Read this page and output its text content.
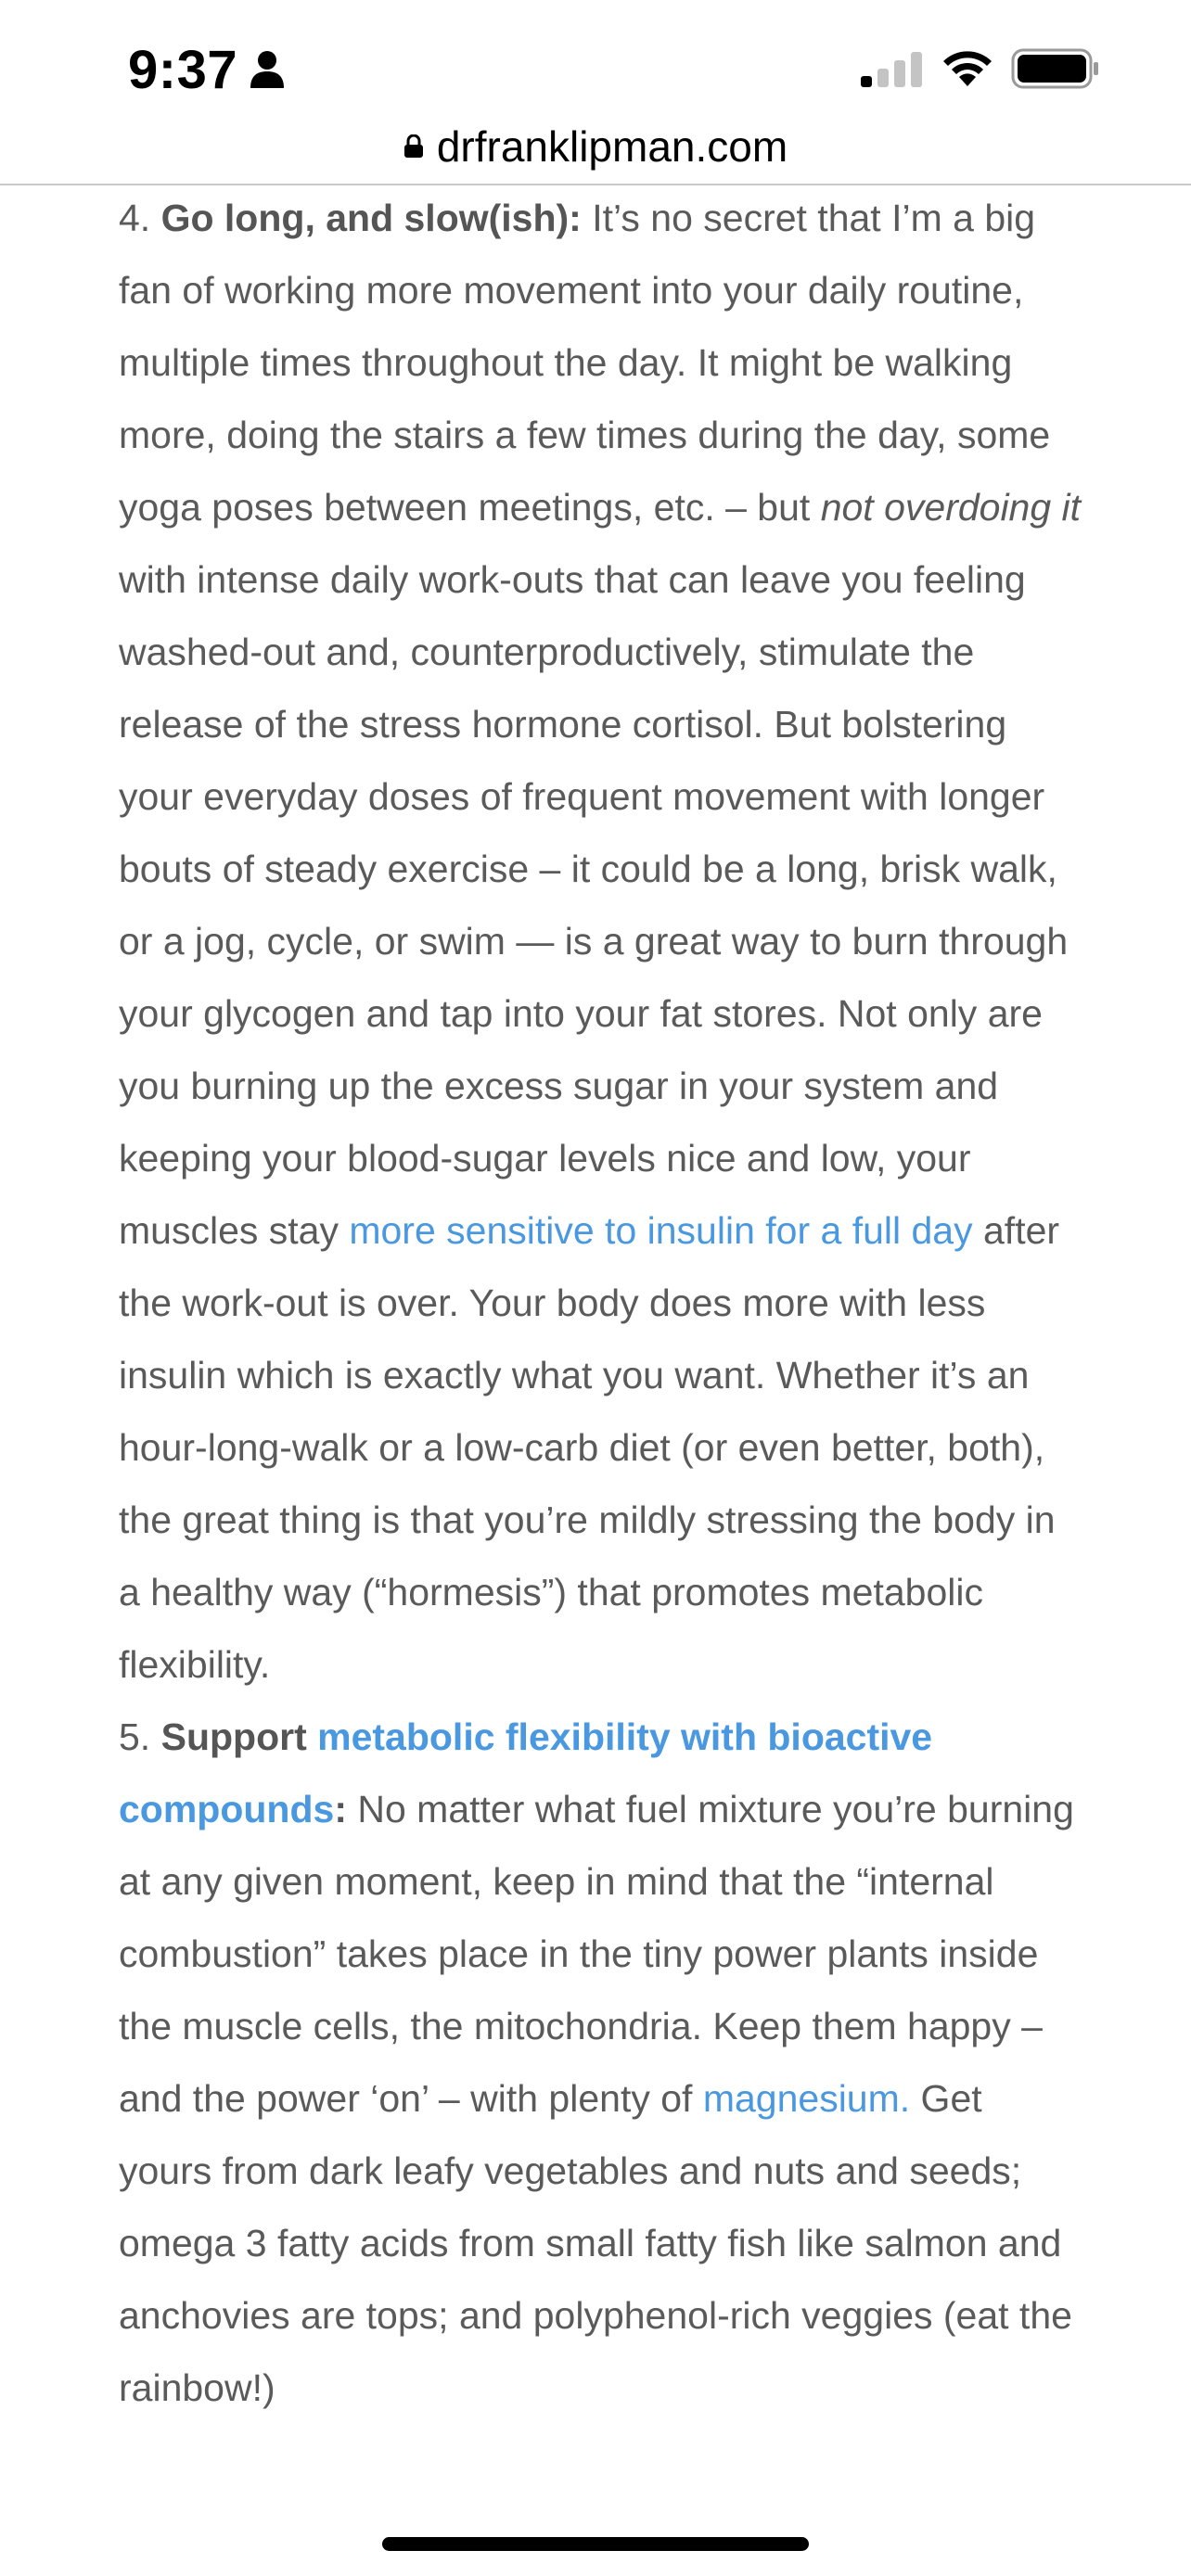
9:37
drfranklipman.com

4. Go long, and slow(ish): It’s no secret that I’m a big fan of working more movement into your daily routine, multiple times throughout the day. It might be walking more, doing the stairs a few times during the day, some yoga poses between meetings, etc. – but not overdoing it with intense daily work-outs that can leave you feeling washed-out and, counterproductively, stimulate the release of the stress hormone cortisol. But bolstering your everyday doses of frequent movement with longer bouts of steady exercise – it could be a long, brisk walk, or a jog, cycle, or swim — is a great way to burn through your glycogen and tap into your fat stores. Not only are you burning up the excess sugar in your system and keeping your blood-sugar levels nice and low, your muscles stay more sensitive to insulin for a full day after the work-out is over. Your body does more with less insulin which is exactly what you want. Whether it’s an hour-long-walk or a low-carb diet (or even better, both), the great thing is that you’re mildly stressing the body in a healthy way (“hormesis”) that promotes metabolic flexibility.

5. Support metabolic flexibility with bioactive compounds: No matter what fuel mixture you’re burning at any given moment, keep in mind that the “internal combustion” takes place in the tiny power plants inside the muscle cells, the mitochondria. Keep them happy – and the power ‘on’ – with plenty of magnesium. Get yours from dark leafy vegetables and nuts and seeds; omega 3 fatty acids from small fatty fish like salmon and anchovies are tops; and polyphenol-rich veggies (eat the rainbow!)
